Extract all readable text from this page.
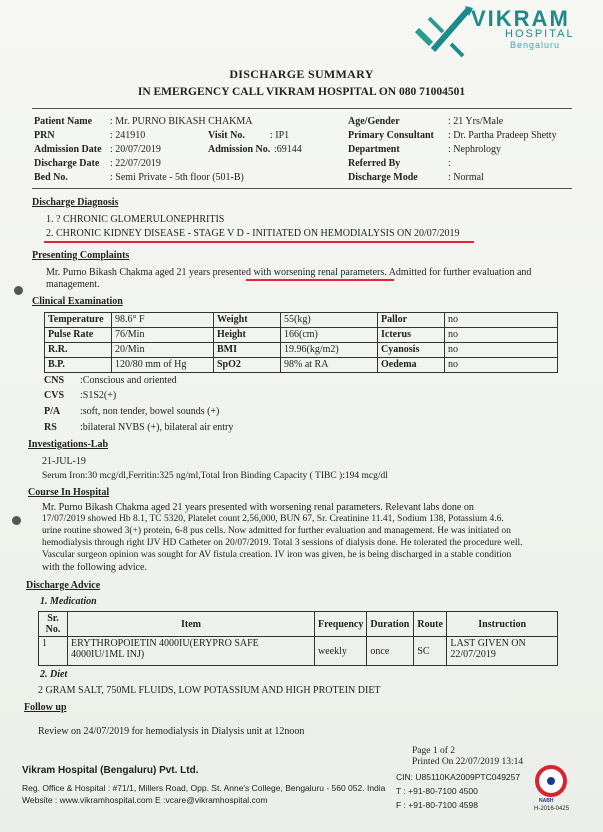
VIKRAM
HOSPITAL
Bengaluru
DISCHARGE SUMMARY
IN EMERGENCY CALL VIKRAM HOSPITAL ON 080 71004501
Patient Name : Mr. PURNO BIKASH CHAKMA
PRN	: 241910	Visit No.	: IP1
Admission Date : 20/07/2019	Admission No. :69144
Discharge Date : 22/07/2019
Bed No.	: Semi Private - 5th floor (501-B)
Age/Gender	: 21 Yrs/Male
Primary Consultant : Dr. Partha Pradeep Shetty
Department	: Nephrology
Referred By	:
Discharge Mode	: Normal
Discharge Diagnosis
1. ? CHRONIC GLOMERULONEPHRITIS
2. CHRONIC KIDNEY DISEASE - STAGE V D - INITIATED ON HEMODIALYSIS ON 20/07/2019
Presenting Complaints
Mr. Purno Bikash Chakma aged 21 years presented with worsening renal parameters. Admitted for further evaluation and
management.
Clinical Examination
Temperature	98.6° F	Weight	55(kg)	Pallor	no
Pulse Rate	76/Min	Height	166(cm)	Icterus	no
R.R.	20/Min	BMI	19.96(kg/m2)	Cyanosis	no
B.P.	120/80 mm of Hg	SpO2	98% at RA	Oedema	no
CNS :Conscious and oriented
CVS :S1S2(+)
P/A :soft, non tender, bowel sounds (+)
RS :bilateral NVBS (+), bilateral air entry
Investigations-Lab
21-JUL-19
Serum Iron:30 mcg/dl,Ferritin:325 ng/ml,Total Iron Binding Capacity ( TIBC ):194 mcg/dl
Course In Hospital
Mr. Purno Bikash Chakma aged 21 years presented with worsening renal parameters. Relevant labs done on
17/07/2019 showed Hb 8.1, TC 5320, Platelet count 2,56,000, BUN 67, Sr. Creatinine 11.41, Sodium 138, Potassium 4.6.
urine routine showed 3(+) protein, 6-8 pus cells. Now admitted for further evaluation and management. He was initiated on
hemodialysis through right IJV HD Catheter on 20/07/2019. Total 3 sessions of dialysis done. He tolerated the procedure well.
Vascular surgeon opinion was sought for AV fistula creation. IV iron was given, he is being discharged in a stable condition
with the following advice.
Discharge Advice
1. Medication
Sr. No.	Item	Frequency	Duration	Route	Instruction
1	ERYTHROPOIETIN 4000IU(ERYPRO SAFE 4000IU/1ML INJ)	weekly	once	SC	LAST GIVEN ON 22/07/2019
2. Diet
2 GRAM SALT, 750ML FLUIDS, LOW POTASSIUM AND HIGH PROTEIN DIET
Follow up
Review on 24/07/2019 for hemodialysis in Dialysis unit at 12noon
Page 1 of 2
Printed On 22/07/2019 13:14
Vikram Hospital (Bengaluru) Pvt. Ltd.
Reg. Office & Hospital : #71/1, Millers Road, Opp. St. Anne's College, Bengaluru - 560 052. India
Website : www.vikramhospital.com E :vcare@vikramhospital.com
CIN: U85110KA2009PTC049257
T : +91-80-7100 4500
F : +91-80-7100 4598	NABH
H-2016-0425
